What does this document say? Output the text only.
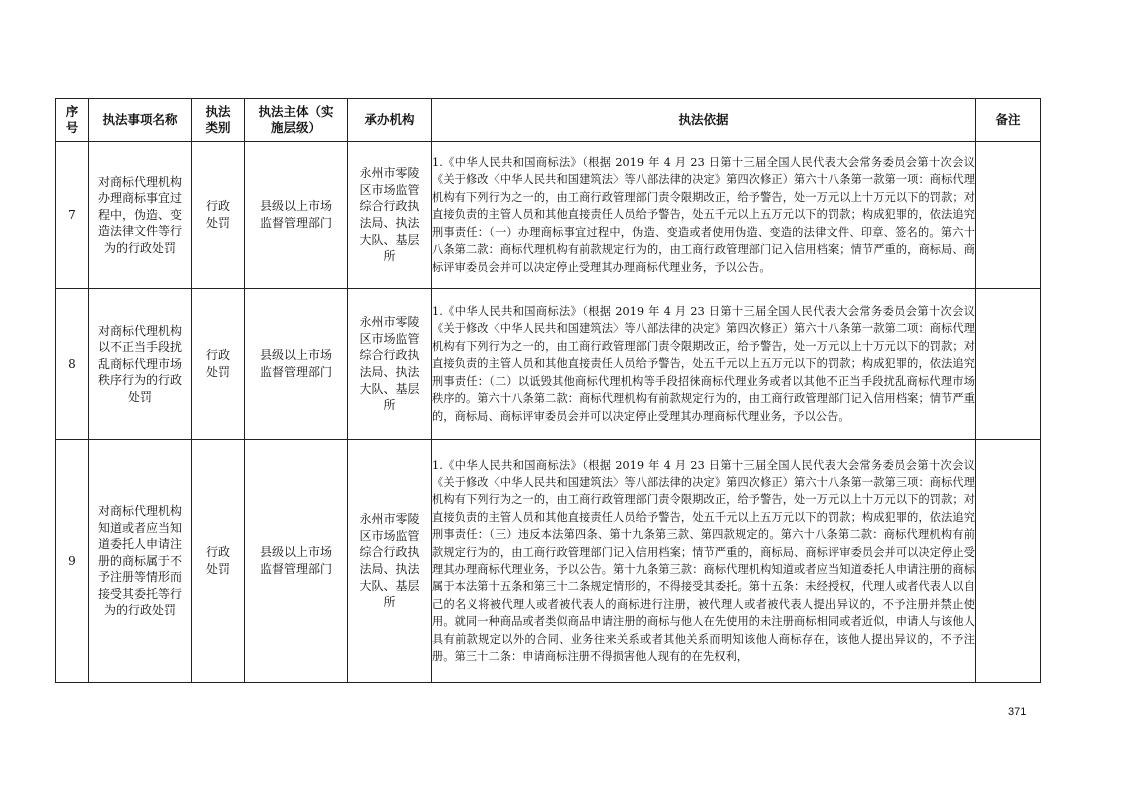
序号	执法事项名称	执法类别	执法主体（实施层级）	承办机构	执法依据	备注
7	对商标代理机构办理商标事宜过程中，伪造、变造法律文件等行为的行政处罚	行政处罚	县级以上市场监督管理部门	永州市零陵区市场监管综合行政执法局、执法大队、基层所	1.《中华人民共和国商标法》（根据 2019 年 4 月 23 日第十三届全国人民代表大会常务委员会第十次会议《关于修改〈中华人民共和国建筑法〉等八部法律的决定》第四次修正）第六十八条第一款第一项：商标代理机构有下列行为之一的，由工商行政管理部门责令限期改正，给予警告，处一万元以上十万元以下的罚款；对直接负责的主管人员和其他直接责任人员给予警告，处五千元以上五万元以下的罚款；构成犯罪的，依法追究刑事责任：（一）办理商标事宜过程中，伪造、变造或者使用伪造、变造的法律文件、印章、签名的。第六十八条第二款：商标代理机构有前款规定行为的，由工商行政管理部门记入信用档案；情节严重的，商标局、商标评审委员会并可以决定停止受理其办理商标代理业务，予以公告。	
8	对商标代理机构以不正当手段扰乱商标代理市场秩序行为的行政处罚	行政处罚	县级以上市场监督管理部门	永州市零陵区市场监管综合行政执法局、执法大队、基层所	1.《中华人民共和国商标法》（根据 2019 年 4 月 23 日第十三届全国人民代表大会常务委员会第十次会议《关于修改〈中华人民共和国建筑法〉等八部法律的决定》第四次修正）第六十八条第一款第二项：商标代理机构有下列行为之一的，由工商行政管理部门责令限期改正，给予警告，处一万元以上十万元以下的罚款；对直接负责的主管人员和其他直接责任人员给予警告，处五千元以上五万元以下的罚款；构成犯罪的，依法追究刑事责任：（二）以诋毁其他商标代理机构等手段招徕商标代理业务或者以其他不正当手段扰乱商标代理市场秩序的。第六十八条第二款：商标代理机构有前款规定行为的，由工商行政管理部门记入信用档案；情节严重的，商标局、商标评审委员会并可以决定停止受理其办理商标代理业务，予以公告。	
9	对商标代理机构知道或者应当知道委托人申请注册的商标属于不予注册等情形而接受其委托等行为的行政处罚	行政处罚	县级以上市场监督管理部门	永州市零陵区市场监管综合行政执法局、执法大队、基层所	1.《中华人民共和国商标法》（根据 2019 年 4 月 23 日第十三届全国人民代表大会常务委员会第十次会议《关于修改〈中华人民共和国建筑法〉等八部法律的决定》第四次修正）第六十八条第一款第三项：商标代理机构有下列行为之一的，由工商行政管理部门责令限期改正，给予警告，处一万元以上十万元以下的罚款；对直接负责的主管人员和其他直接责任人员给予警告，处五千元以上五万元以下的罚款；构成犯罪的，依法追究刑事责任：（三）违反本法第四条、第十九条第三款、第四款规定的。第六十八条第二款：商标代理机构有前款规定行为的，由工商行政管理部门记入信用档案；情节严重的，商标局、商标评审委员会并可以决定停止受理其办理商标代理业务，予以公告。第十九条第三款：商标代理机构知道或者应当知道委托人申请注册的商标属于本法第十五条和第三十二条规定情形的，不得接受其委托。第十五条：未经授权，代理人或者代表人以自己的名义将被代理人或者被代表人的商标进行注册，被代理人或者被代表人提出异议的，不予注册并禁止使用。就同一种商品或者类似商品申请注册的商标与他人在先使用的未注册商标相同或者近似，申请人与该他人具有前款规定以外的合同、业务往来关系或者其他关系而明知该他人商标存在，该他人提出异议的，不予注册。第三十二条：申请商标注册不得损害他人现有的在先权利，	
371
